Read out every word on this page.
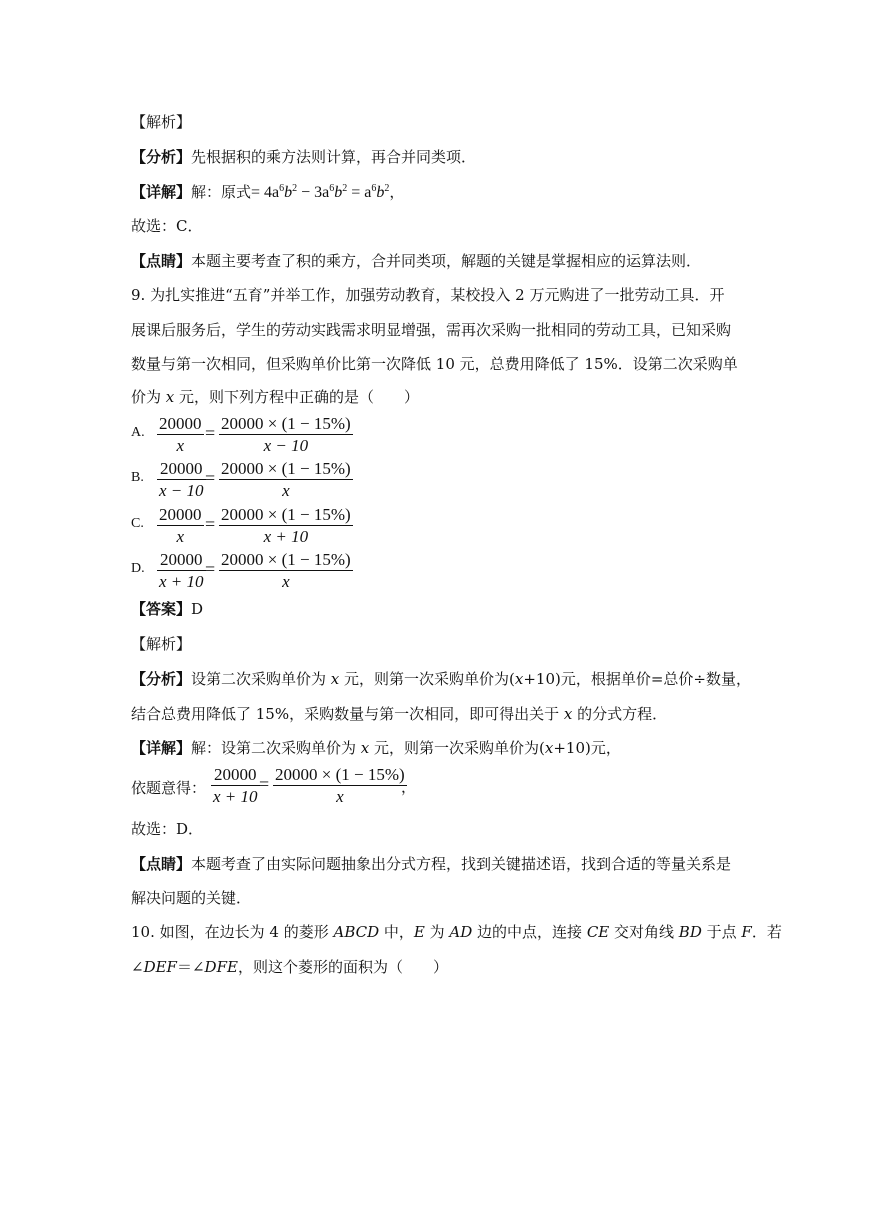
【解析】
【分析】先根据积的乘方法则计算，再合并同类项．
【详解】解：原式= $4a^6b^2 - 3a^6b^2 = a^6b^2$，
故选：C．
【点睛】本题主要考查了积的乘方，合并同类项，解题的关键是掌握相应的运算法则．
9. 为扎实推进“五育”并举工作，加强劳动教育，某校投入 2 万元购进了一批劳动工具．开
展课后服务后，学生的劳动实践需求明显增强，需再次采购一批相同的劳动工具，已知采购
数量与第一次相同，但采购单价比第一次降低 10 元，总费用降低了 15%．设第二次采购单
价为 x 元，则下列方程中正确的是（　　）
A. $\frac{20000}{x} = \frac{20000 \times (1 - 15\%)}{x - 10}$
B. $\frac{20000}{x - 10} = \frac{20000 \times (1 - 15\%)}{x}$
C. $\frac{20000}{x} = \frac{20000 \times (1 - 15\%)}{x + 10}$
D. $\frac{20000}{x + 10} = \frac{20000 \times (1 - 15\%)}{x}$
【答案】D
【解析】
【分析】设第二次采购单价为 x 元，则第一次采购单价为(x+10)元，根据单价=总价÷数量，
结合总费用降低了 15%，采购数量与第一次相同，即可得出关于 x 的分式方程．
【详解】解：设第二次采购单价为 x 元，则第一次采购单价为(x+10)元，
依题意得： $\frac{20000}{x + 10} = \frac{20000 \times (1 - 15\%)}{x}$
，
故选：D．
【点睛】本题考查了由实际问题抽象出分式方程，找到关键描述语，找到合适的等量关系是
解决问题的关键．
10. 如图，在边长为 4 的菱形 ABCD 中，E 为 AD 边的中点，连接 CE 交对角线 BD 于点 F．若
∠DEF＝∠DFE，则这个菱形的面积为（　　）
